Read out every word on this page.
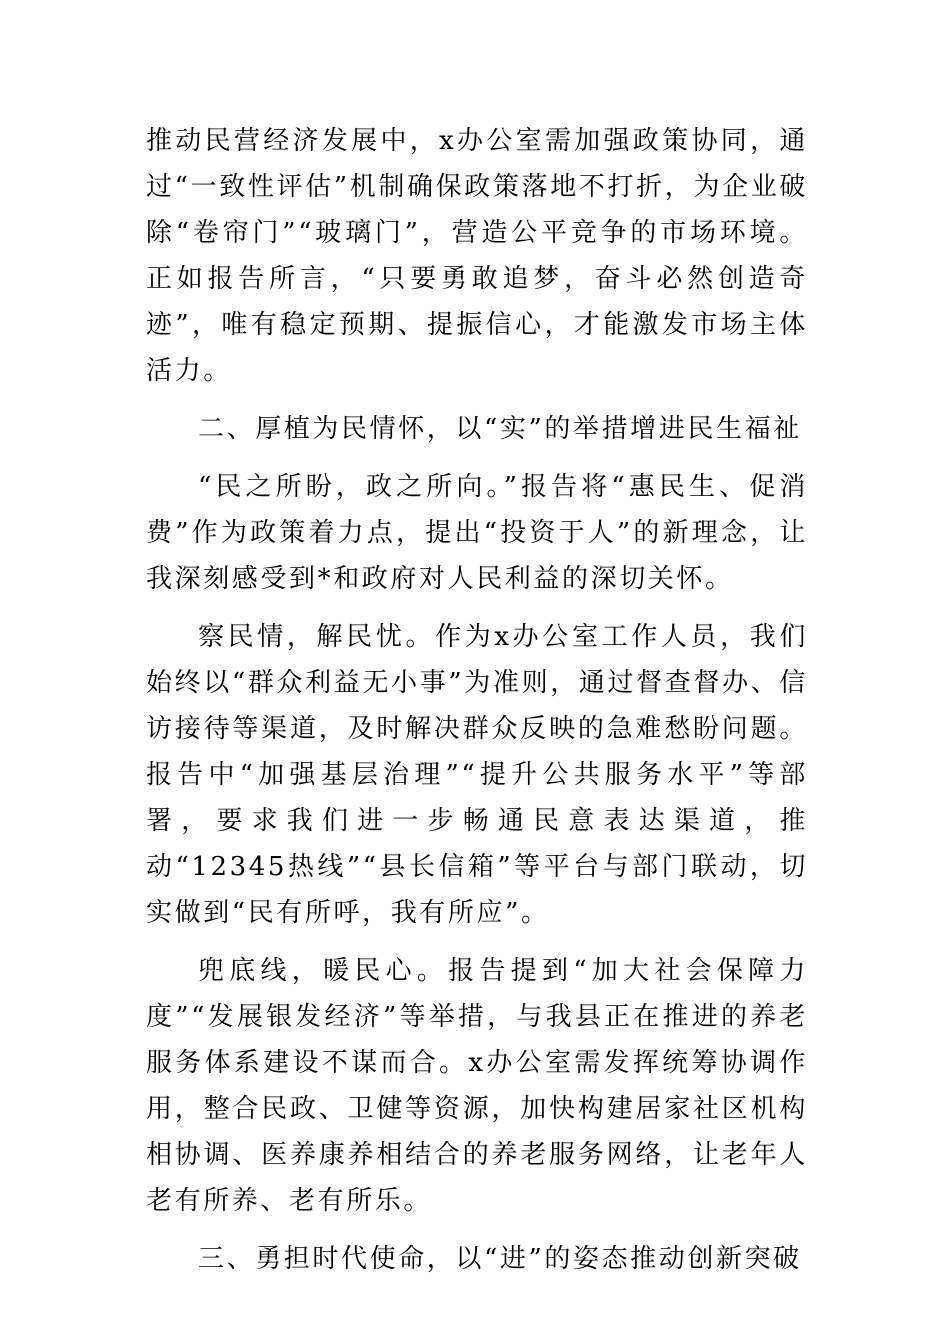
推动民营经济发展中，x办公室需加强政策协同，通过“一致性评估”机制确保政策落地不打折，为企业破除“卷帘门”“玻璃门”，营造公平竞争的市场环境。正如报告所言，“只要勇敢追梦，奋斗必然创造奇迹”，唯有稳定预期、提振信心，才能激发市场主体活力。

二、厚植为民情怀，以“实”的举措增进民生福祉

“民之所盼，政之所向。”报告将“惠民生、促消费”作为政策着力点，提出“投资于人”的新理念，让我深刻感受到*和政府对人民利益的深切关怀。

察民情，解民忧。作为x办公室工作人员，我们始终以“群众利益无小事”为准则，通过督查督办、信访接待等渠道，及时解决群众反映的急难愁盼问题。报告中“加强基层治理”“提升公共服务水平”等部署，要求我们进一步畅通民意表达渠道，推动“12345热线”“县长信箱”等平台与部门联动，切实做到“民有所呼，我有所应”。

兜底线，暖民心。报告提到“加大社会保障力度”“发展银发经济”等举措，与我县正在推进的养老服务体系建设不谋而合。x办公室需发挥统筹协调作用，整合民政、卫健等资源，加快构建居家社区机构相协调、医养康养相结合的养老服务网络，让老年人老有所养、老有所乐。

三、勇担时代使命，以“进”的姿态推动创新突破
